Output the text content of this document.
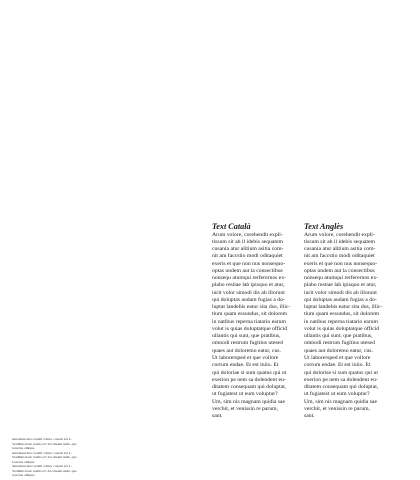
Text Català
Arum volore, corehendit expli-
tissum sit ab il idebis sequatem
cusania atur alitium asitia com-
nit am faccstio modi oditaquiet
exeris et que non nus nonsequo-
optas undem aut la consectibus
nonsequ atumqui rerferernos ex-
plabo restiae lab ipisquo et atur,
iurit volor simodi dis ab illorunt
qui doluptas audam fugias a do-
luptat landebis eatur sita dus, illic-
tium quam essundus, sit dolorem
in natibus reperna tiatario earum
volut is quias doluptatque officid
ullantis qui sunt, que pratibus,
omnodi restrum fugitius utesed
quaes aut doloremo eatur, cus.
Ut laborersped et que vollore
corrum endae. Et est iniio. Et
qui doloriae si sum quatus qui ut
exerion pe nem sa dolendent eu-
ditatem consequam qui doluptat,
ut fugiatest ut eum voluptur?
Um, sim nis magnam quidia sae
verchit, et venissin re parum,
sant.
Text Anglès
Arum volore, corehendit expli-
tissum sit ab il idebis sequatem
cusania atur alitium asitia com-
nit am faccstio modi oditaquiet
exeris et que non nus nonsequo-
optas undem aut la consectibus
nonsequ atumqui rerferernos ex-
plabo restiae lab ipisquo et atur,
iurit volor simodi dis ab illorunt
qui doluptas audam fugias a do-
luptat landebis eatur sita dus, illic-
tium quam essundus, sit dolorem
in natibus reperna tiatario earum
volut is quias doluptatque officid
ullantis qui sunt, que pratibus,
omnodi restrum fugitius utesed
quaes aut doloremo eatur, cus.
Ut laborersped et que vollore
corrum endae. Et est iniio. Et
qui dolorise si sum quatus qui ut
exerion pe nem sa dolendent eu-
ditatem consequam qui doluptat,
ut fugiatest ut eum voluptur?
Um, sim nis magnam quidia sae
verchit, et venissin re parum,
sant.
Antemant mos vendil comet, conom tcu L.
Verdhms itanc nonlis et? An viteum nudb, quo
toractus omiqne
Antemant mos vendil comet, conom tcu L.
Verdhms itanc nonlis et? An viteum nudb, quo
toractus omiqne
Antemant mos vendil comet, conom tcu L.
Verdhms itanc nonlis et? An viteum nudb, quo
toractus omiqne
